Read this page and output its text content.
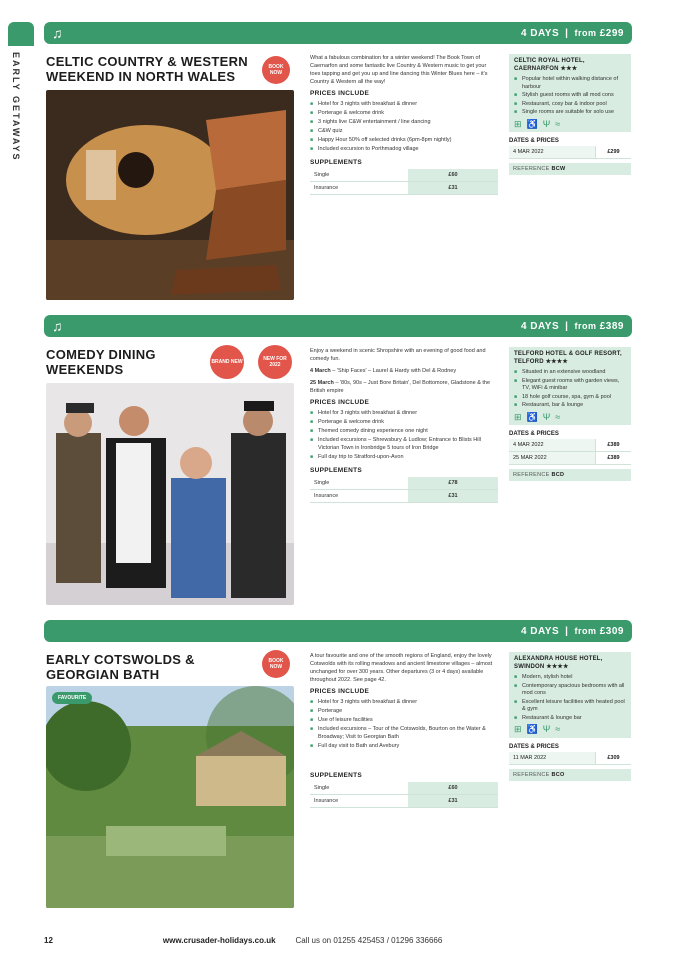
EARLY GETAWAYS
♫	4 DAYS | from £299
CELTIC COUNTRY & WESTERN WEEKEND IN NORTH WALES
BOOK NOW

What a fabulous combination for a winter weekend! The Book Town of Caernarfon and some fantastic live Country & Western music to get your toes tapping and get you up and line dancing this Winter Blues here – it's Country & Western all the way!

PRICES INCLUDE
■ Hotel for 3 nights with breakfast & dinner
■ Porterage & welcome drink
■ 3 nights live C&W entertainment / line dancing
■ C&W quiz
■ Happy Hour 50% off selected drinks (6pm-8pm nightly)
■ Included excursion to Porthmadog village
SUPPLEMENTS
Single	£60
Insurance	£31
CELTIC ROYAL HOTEL, CAERNARFON ★★★
■ Popular hotel within walking distance of harbour
■ Stylish guest rooms with all mod cons
■ Restaurant, cosy bar & indoor pool
■ Single rooms are suitable for solo use
⊞ ♿ Ψ ≈
DATES & PRICES
4 MAR 2022	£299
REFERENCE BCW
♫	4 DAYS | from £389
COMEDY DINING WEEKENDS	BRAND NEW	NEW FOR 2022

Enjoy a weekend in scenic Shropshire with an evening of good food and comedy fun.

4 March – 'Ship Faces' – Laurel & Hardy with Del & Rodney

25 March – '80s, 90s – Just Bore Britain', Del Bottomore, Gladstone & the British empire

PRICES INCLUDE
■ Hotel for 3 nights with breakfast & dinner
■ Porterage & welcome drink
■ Themed comedy dining experience one night
■ Included excursions – Shrewsbury & Ludlow; Entrance to Blists Hill Victorian Town in Ironbridge 5 tours of Iron Bridge
■ Full day trip to Stratford-upon-Avon
SUPPLEMENTS
Single	£78
Insurance	£31
TELFORD HOTEL & GOLF RESORT, TELFORD ★★★★
■ Situated in an extensive woodland
■ Elegant guest rooms with garden views, TV, WiFi & minibar
■ 18 hole golf course, spa, gym & pool
■ Restaurant, bar & lounge
⊞ ♿ Ψ ≈
DATES & PRICES
4 MAR 2022	£389
25 MAR 2022	£389
REFERENCE BCD
4 DAYS | from £309
EARLY COTSWOLDS & GEORGIAN BATH
BOOK NOW
FAVOURITE

A tour favourite and one of the smooth regions of England, enjoy the lovely Cotswolds with its rolling meadows and ancient limestone villages – almost unchanged for over 300 years. Other departures (3 or 4 days) available throughout 2022. See page 42.

PRICES INCLUDE
■ Hotel for 3 nights with breakfast & dinner
■ Porterage
■ Use of leisure facilities
■ Included excursions – Tour of the Cotswolds, Bourton on the Water & Broadway; Visit to Georgian Bath
■ Full day visit to Bath and Avebury
SUPPLEMENTS
Single	£60
Insurance	£31
ALEXANDRA HOUSE HOTEL, SWINDON ★★★★
■ Modern, stylish hotel
■ Contemporary spacious bedrooms with all mod cons
■ Excellent leisure facilities with heated pool & gym
■ Restaurant & lounge bar
⊞ ♿ Ψ ≈
DATES & PRICES
11 MAR 2022	£309
REFERENCE BCO
12	www.crusader-holidays.co.uk	Call us on 01255 425453 / 01296 336666
